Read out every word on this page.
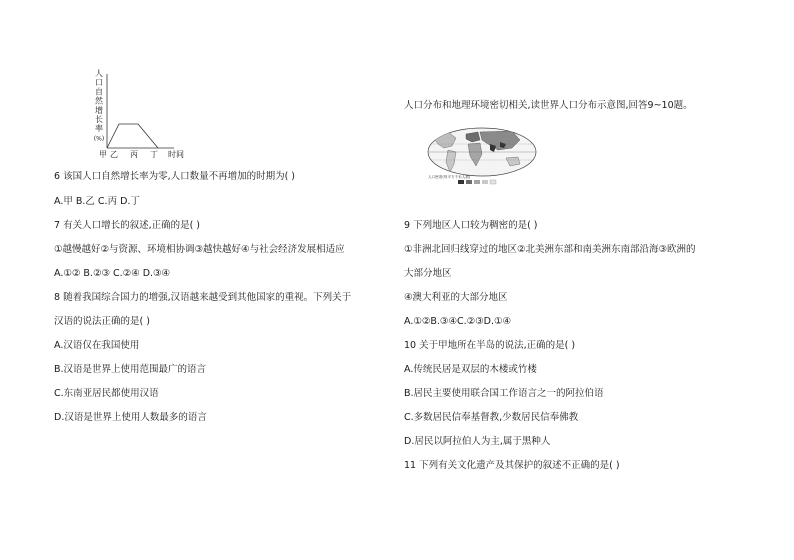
人
口
自
然
增
长
率
(%)
甲 乙 丙 丁 时间
人口密度(每平方千米人数)
6 该国人口自然增长率为零,人口数量不再增加的时期为( )
A.甲 B.乙 C.丙 D.丁
7 有关人口增长的叙述,正确的是( )
①越慢越好②与资源、环境相协调③越快越好④与社会经济发展相适应
A.①② B.②③ C.②④ D.③④
8 随着我国综合国力的增强,汉语越来越受到其他国家的重视。下列关于
汉语的说法正确的是( )
A.汉语仅在我国使用
B.汉语是世界上使用范围最广的语言
C.东南亚居民都使用汉语
D.汉语是世界上使用人数最多的语言
人口分布和地理环境密切相关,读世界人口分布示意图,回答9~10题。
9 下列地区人口较为稠密的是( )
①非洲北回归线穿过的地区②北美洲东部和南美洲东南部沿海③欧洲的
大部分地区
④澳大利亚的大部分地区
A.①②B.③④C.②③D.①④
10 关于甲地所在半岛的说法,正确的是( )
A.传统民居是双层的木楼或竹楼
B.居民主要使用联合国工作语言之一的阿拉伯语
C.多数居民信奉基督教,少数居民信奉佛教
D.居民以阿拉伯人为主,属于黑种人
11 下列有关文化遗产及其保护的叙述不正确的是( )
